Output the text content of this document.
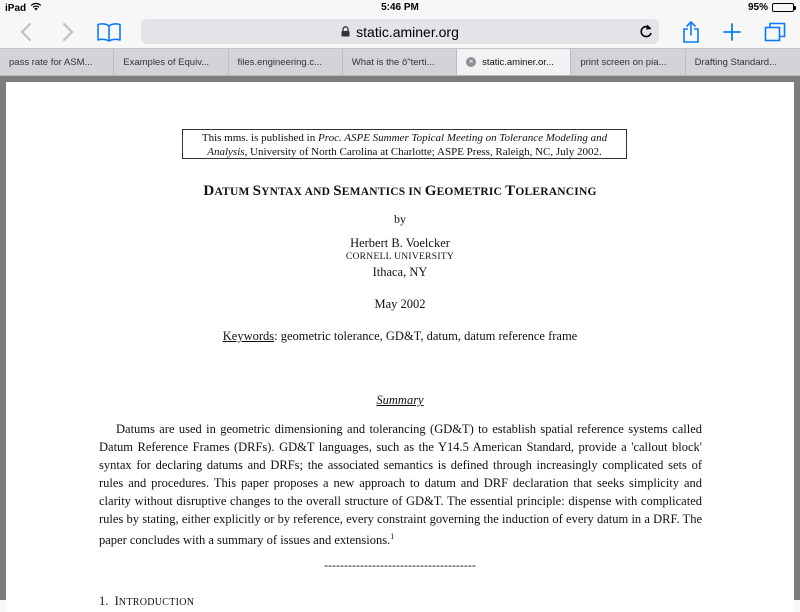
iPad	5:46 PM	95%
static.aminer.org
pass rate for ASM...	Examples of Equiv...	files.engineering.c...	What is the ô"terti...	× static.aminer.or...	print screen on pia...	Drafting Standard...
This mms. is published in Proc. ASPE Summer Topical Meeting on Tolerance Modeling and Analysis, University of North Carolina at Charlotte; ASPE Press, Raleigh, NC, July 2002.
DATUM SYNTAX AND SEMANTICS IN GEOMETRIC TOLERANCING
by
Herbert B. Voelcker
CORNELL UNIVERSITY
Ithaca, NY
May 2002
Keywords: geometric tolerance, GD&T, datum, datum reference frame
Summary
Datums are used in geometric dimensioning and tolerancing (GD&T) to establish spatial reference systems called Datum Reference Frames (DRFs). GD&T languages, such as the Y14.5 American Standard, provide a 'callout block' syntax for declaring datums and DRFs; the associated semantics is defined through increasingly complicated sets of rules and procedures. This paper proposes a new approach to datum and DRF declaration that seeks simplicity and clarity without disruptive changes to the overall structure of GD&T. The essential principle: dispense with complicated rules by stating, either explicitly or by reference, every constraint governing the induction of every datum in a DRF. The paper concludes with a summary of issues and extensions.$^1$
--------------------------------------
1. INTRODUCTION
